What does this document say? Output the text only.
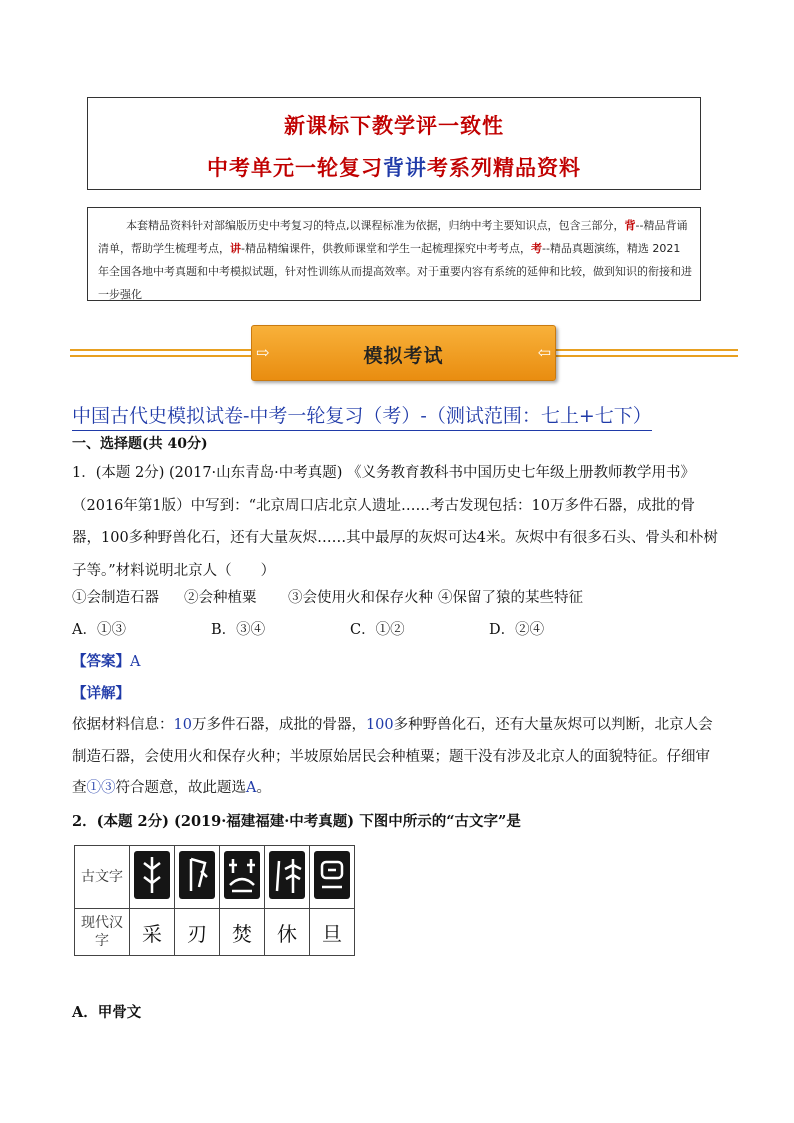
新课标下教学评一致性
中考单元一轮复习背讲考系列精品资料
本套精品资料针对部编版历史中考复习的特点,以课程标准为依据，归纳中考主要知识点，包含三部分，背--精品背诵清单，帮助学生梳理考点，讲-精品精编课件，供教师课堂和学生一起梳理探究中考考点，考--精品真题演练，精选 2021 年全国各地中考真题和中考模拟试题，针对性训练从而提高效率。对于重要内容有系统的延伸和比较，做到知识的衔接和进一步强化
⇨	模拟考试	⇦
中国古代史模拟试卷-中考一轮复习（考）-（测试范围：七上+七下）
一、选择题(共 40分)
1．(本题 2分) (2017·山东青岛·中考真题) 《义务教育教科书中国历史七年级上册教师教学用书》（2016年第1版）中写到：“北京周口店北京人遗址……考古发现包括：10万多件石器，成批的骨器，100多种野兽化石，还有大量灰烬……其中最厚的灰烬可达4米。灰烬中有很多石头、骨头和朴树子等。”材料说明北京人（　　）
①会制造石器 ②会种植粟 ③会使用火和保存火种 ④保留了猿的某些特征
A．①③	B．③④	C．①②	D．②④
【答案】A
【详解】
依据材料信息：10万多件石器，成批的骨器，100多种野兽化石，还有大量灰烬可以判断，北京人会制造石器，会使用火和保存火种；半坡原始居民会种植粟；题干没有涉及北京人的面貌特征。仔细审查①③符合题意，故此题选A。
2．(本题 2分) (2019·福建福建·中考真题) 下图中所示的“古文字”是
古文字	

现代汉字	采	刃	焚	休	旦
A．甲骨文
